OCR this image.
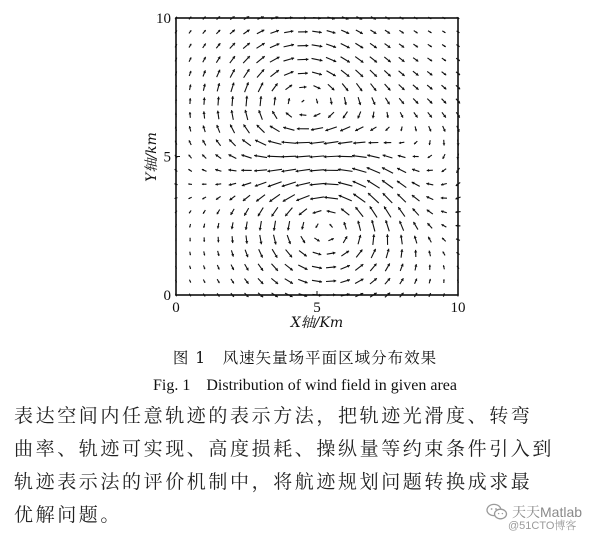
0	5	10
0
5
10
X轴/Km
Y轴/km
图 1　风速矢量场平面区域分布效果
Fig. 1　Distribution of wind field in given area
表达空间内任意轨迹的表示方法，把轨迹光滑度、转弯
曲率、轨迹可实现、高度损耗、操纵量等约束条件引入到
轨迹表示法的评价机制中，将航迹规划问题转换成求最
优解问题。	天天Matlab
@51CTO博客
